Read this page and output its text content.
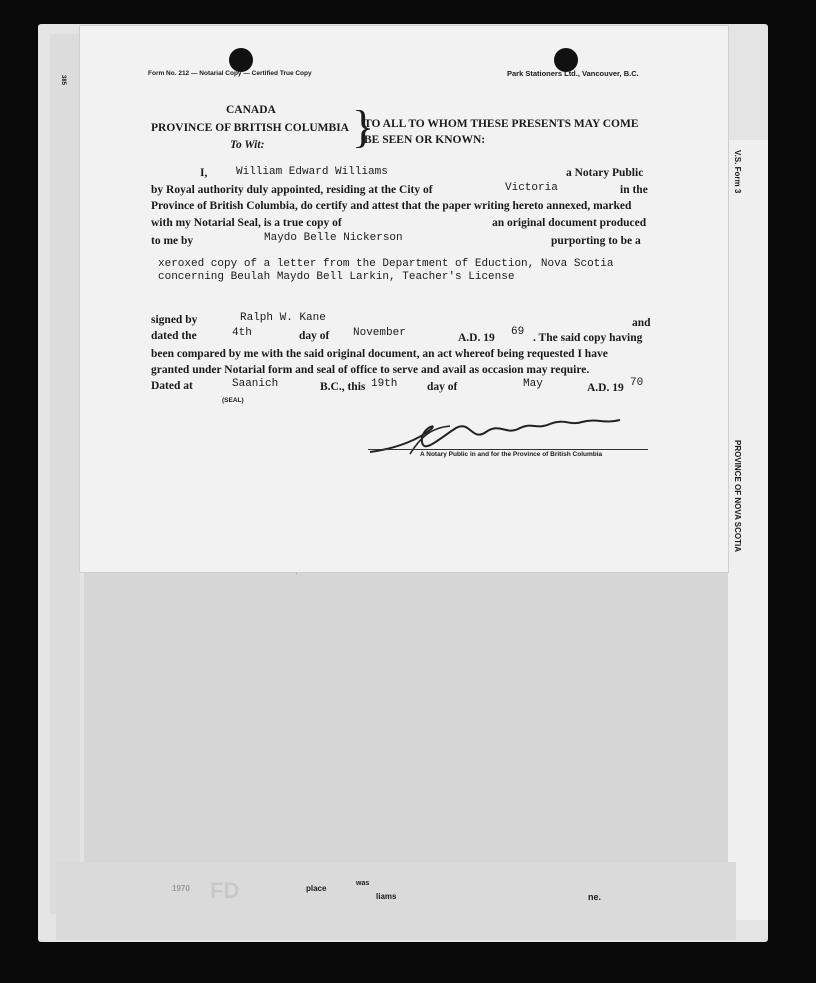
V.S. Form 3
PROVINCE OF NOVA SCOTIA
385
liams
place
was
ne.
1970 FD
Form No. 212 — Notarial Copy — Certified True Copy	Park Stationers Ltd., Vancouver, B.C.
CANADA
PROVINCE OF BRITISH COLUMBIA
To Wit: }
TO ALL TO WHOM THESE PRESENTS MAY COME
BE SEEN OR KNOWN:
I,	William Edward Williams	a Notary Public
by Royal authority duly appointed, residing at the City of	Victoria	in the
Province of British Columbia, do certify and attest that the paper writing hereto annexed, marked
with my Notarial Seal, is a true copy of	an original document produced
to me by	Maydo Belle Nickerson	purporting to be a
xeroxed copy of a letter from the Department of Eduction, Nova Scotia
concerning Beulah Maydo Bell Larkin, Teacher's License
signed by	Ralph W. Kane	and
dated the	4th	day of November	A.D. 19 69 . The said copy having
been compared by me with the said original document, an act whereof being requested I have
granted under Notarial form and seal of office to serve and avail as occasion may require.
Dated at	Saanich	B.C., this 19th	day of	May	A.D. 19 70
(SEAL)
A Notary Public in and for the Province of British Columbia
